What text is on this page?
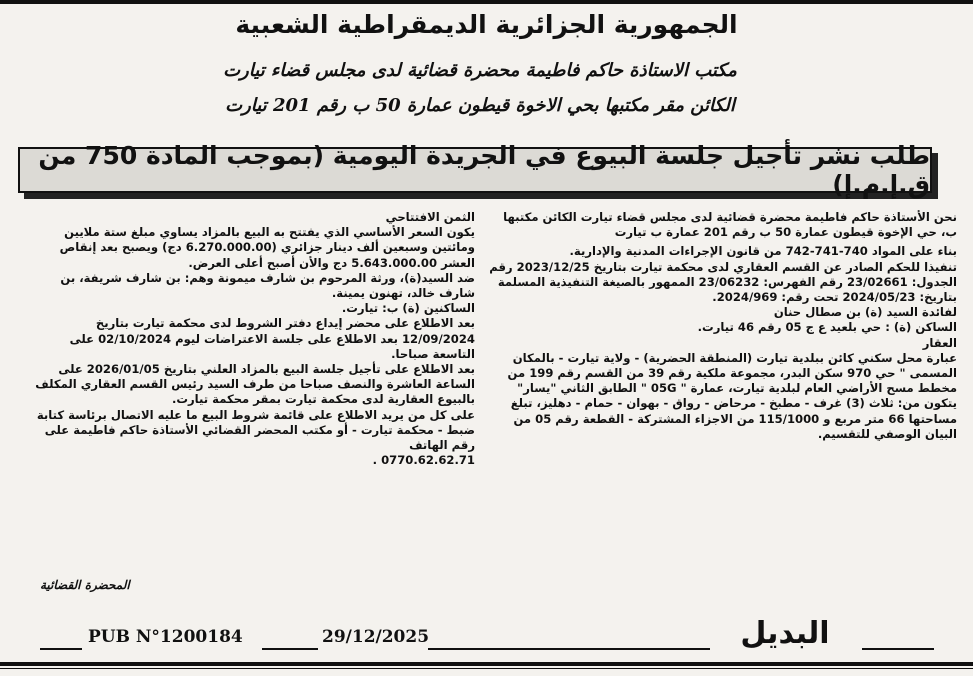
الجمهورية الجزائرية الديمقراطية الشعبية
مكتب الاستاذة حاكم فاطيمة محضرة قضائية لدى مجلس قضاء تيارت
الكائن مقر مكتبها بحي الاخوة قيطون عمارة 50 ب رقم 201 تيارت
طلب نشر تأجيل جلسة البيوع في الجريدة اليومية (بموجب المادة 750 من ق.إ.م.إ)

نحن الأستاذة حاكم فاطيمة محضرة قضائية لدى مجلس قضاء تيارت الكائن مكتبها ب، حي الإخوة قيطون عمارة 50 ب رقم 201 عمارة ب تيارت

بناء على المواد 740-741-742 من قانون الإجراءات المدنية والإدارية.

تنفيذا للحكم الصادر عن القسم العقاري لدى محكمة تيارت بتاريخ 2023/12/25 رقم الجدول: 23/02661 رقم الفهرس: 23/06232 الممهور بالصيغة التنفيذية المسلمة بتاريخ: 2024/05/23 تحت رقم: 2024/969.

لفائدة السيد (ة) بن صطال حنان

الساكن (ة) : حي بلعيد ع ج 05 رقم 46 تيارت.

العقار

عبارة محل سكني كائن ببلدية تيارت (المنطقة الحضرية) - ولاية تيارت - بالمكان المسمى " حي 970 سكن البدر، مجموعة ملكية رقم 39 من القسم رقم 199 من مخطط مسح الأراضي العام لبلدية تيارت، عمارة " 05G " الطابق الثاني "يسار" يتكون من: ثلاث (3) غرف - مطبخ - مرحاض - رواق - بهوان - حمام - دهليز، تبلغ مساحتها 66 متر مربع و 115/1000 من الاجزاء المشتركة - القطعة رقم 05 من البيان الوصفي للتقسيم.

الثمن الافتتاحي

يكون السعر الأساسي الذي يفتتح به البيع بالمزاد يساوي مبلغ ستة ملايين ومائتين وسبعين ألف دينار جزائري (6.270.000.00 دج) ويصبح بعد إنقاص العشر 5.643.000.00 دج والأن أصبح أعلى العرض.

ضد السيد(ة)، ورثة المرحوم بن شارف ميمونة وهم: بن شارف شريفة، بن شارف خالد، تهنون يمينة.

الساكنين (ة) ب: تيارت.

بعد الاطلاع على محضر إيداع دفتر الشروط لدى محكمة تيارت بتاريخ 12/09/2024 بعد الاطلاع على جلسة الاعتراضات ليوم 02/10/2024 على التاسعة صباحا.

بعد الاطلاع على تأجيل جلسة البيع بالمزاد العلني بتاريخ 2026/01/05 على الساعة العاشرة والنصف صباحا من طرف السيد رئيس القسم العقاري المكلف بالبيوع العقارية لدى محكمة تيارت بمقر محكمة تيارت.

على كل من يريد الاطلاع على قائمة شروط البيع ما عليه الاتصال برئاسة كتابة ضبط - محكمة تيارت - أو مكتب المحضر القضائي الأستاذة حاكم فاطيمة على رقم الهاتف

0770.62.62.71 .

المحضرة القضائية
PUB N°1200184	29/12/2025	البديل
